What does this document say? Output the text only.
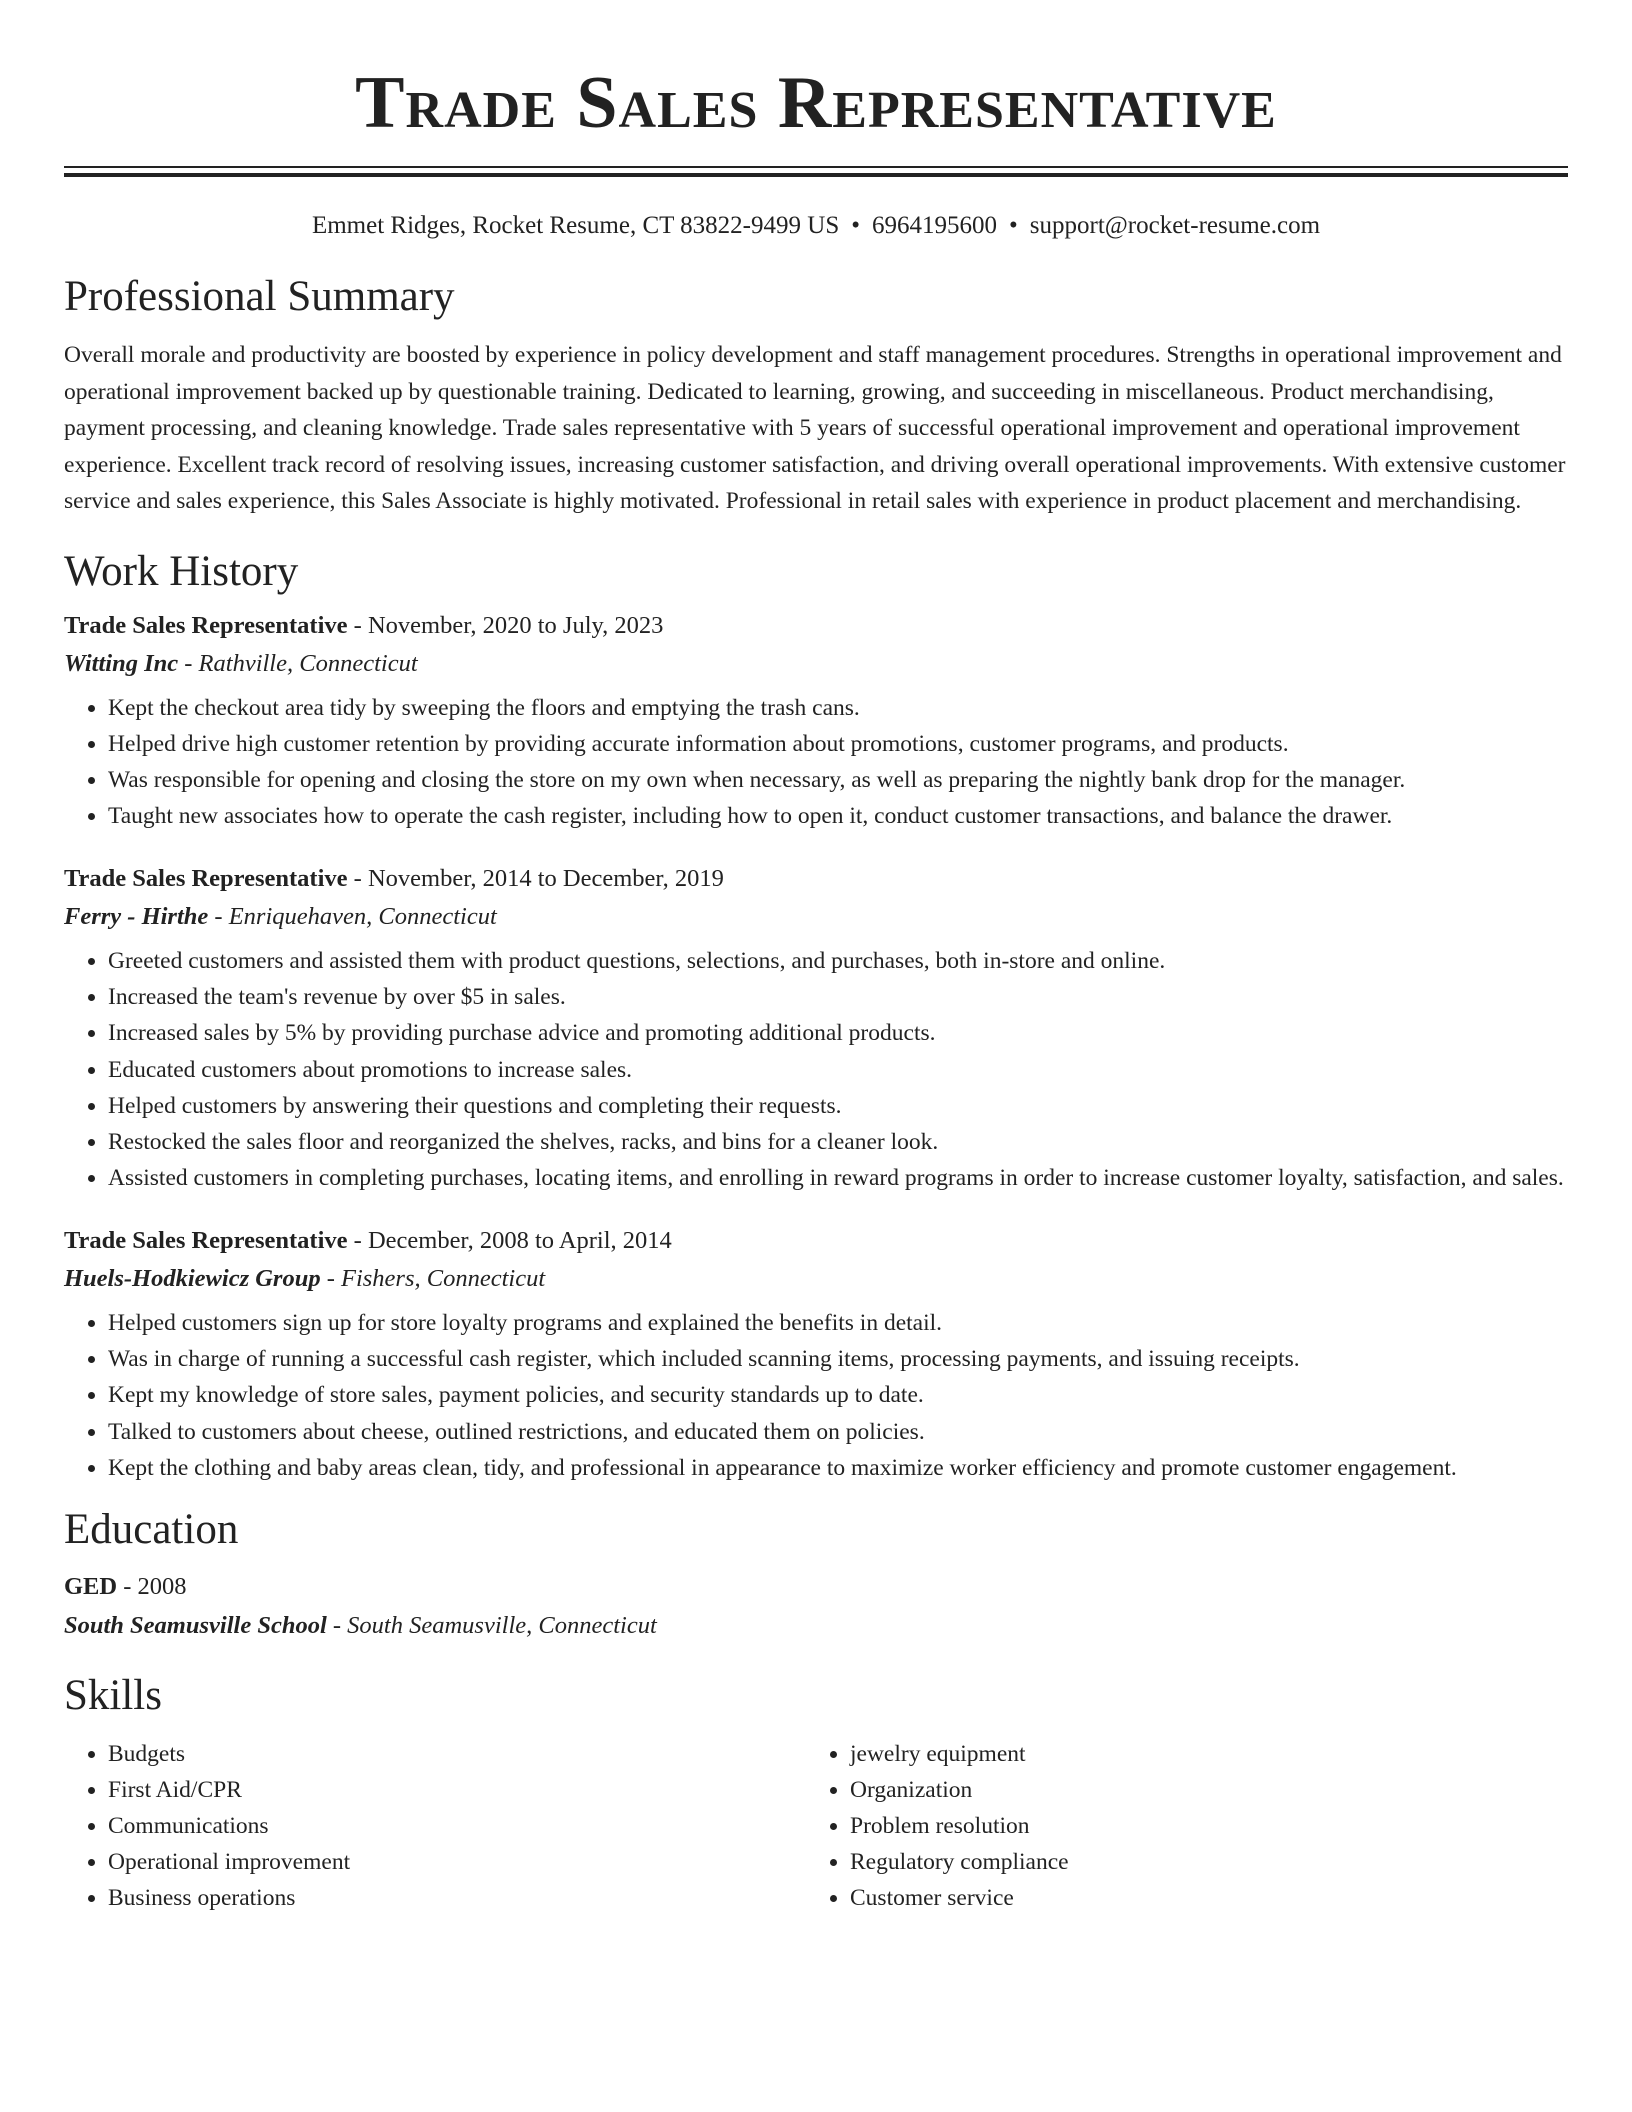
Trade Sales Representative
Emmet Ridges, Rocket Resume, CT 83822-9499 US • 6964195600 • support@rocket-resume.com
Professional Summary

Overall morale and productivity are boosted by experience in policy development and staff management procedures. Strengths in operational improvement and operational improvement backed up by questionable training. Dedicated to learning, growing, and succeeding in miscellaneous. Product merchandising, payment processing, and cleaning knowledge. Trade sales representative with 5 years of successful operational improvement and operational improvement experience. Excellent track record of resolving issues, increasing customer satisfaction, and driving overall operational improvements. With extensive customer service and sales experience, this Sales Associate is highly motivated. Professional in retail sales with experience in product placement and merchandising.

Work History
Trade Sales Representative - November, 2020 to July, 2023
Witting Inc - Rathville, Connecticut
• Kept the checkout area tidy by sweeping the floors and emptying the trash cans.
• Helped drive high customer retention by providing accurate information about promotions, customer programs, and products.
• Was responsible for opening and closing the store on my own when necessary, as well as preparing the nightly bank drop for the manager.
• Taught new associates how to operate the cash register, including how to open it, conduct customer transactions, and balance the drawer.
Trade Sales Representative - November, 2014 to December, 2019
Ferry - Hirthe - Enriquehaven, Connecticut
• Greeted customers and assisted them with product questions, selections, and purchases, both in-store and online.
• Increased the team's revenue by over $5 in sales.
• Increased sales by 5% by providing purchase advice and promoting additional products.
• Educated customers about promotions to increase sales.
• Helped customers by answering their questions and completing their requests.
• Restocked the sales floor and reorganized the shelves, racks, and bins for a cleaner look.
• Assisted customers in completing purchases, locating items, and enrolling in reward programs in order to increase customer loyalty, satisfaction, and sales.
Trade Sales Representative - December, 2008 to April, 2014
Huels-Hodkiewicz Group - Fishers, Connecticut
• Helped customers sign up for store loyalty programs and explained the benefits in detail.
• Was in charge of running a successful cash register, which included scanning items, processing payments, and issuing receipts.
• Kept my knowledge of store sales, payment policies, and security standards up to date.
• Talked to customers about cheese, outlined restrictions, and educated them on policies.
• Kept the clothing and baby areas clean, tidy, and professional in appearance to maximize worker efficiency and promote customer engagement.
Education
GED - 2008
South Seamusville School - South Seamusville, Connecticut
Skills
• Budgets
• First Aid/CPR
• Communications
• Operational improvement
• Business operations
• jewelry equipment
• Organization
• Problem resolution
• Regulatory compliance
• Customer service
